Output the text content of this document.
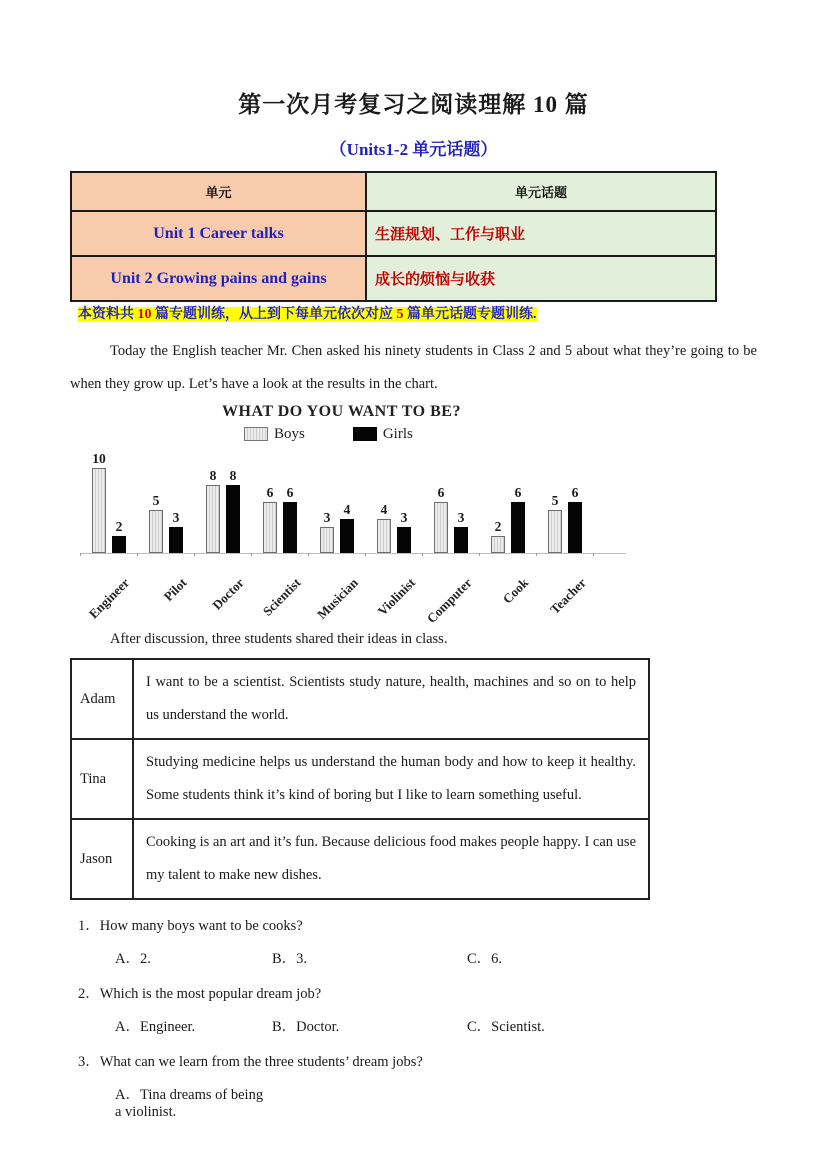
第一次月考复习之阅读理解 10 篇
（Units1-2 单元话题）
单元	单元话题
Unit 1 Career talks	生涯规划、工作与职业
Unit 2 Growing pains and gains	成长的烦恼与收获
本资料共 10 篇专题训练，从上到下每单元依次对应 5 篇单元话题专题训练.

Today the English teacher Mr. Chen asked his ninety students in Class 2 and 5 about what they’re going to be when they grow up. Let’s have a look at the results in the chart.

WHAT DO YOU WANT TO BE?
Boys	Girls
10
2
5
3
8 8
6 6
3
4	4
3
6
3
2
6
5
6
Engineer Pilot Doctor Scientist Musician Violinist Computer Cook Teacher
After discussion, three students shared their ideas in class.
Adam	I want to be a scientist. Scientists study nature, health, machines and so on to help us understand the world.
Tina	Studying medicine helps us understand the human body and how to keep it healthy. Some students think it’s kind of boring but I like to learn something useful.
Jason	Cooking is an art and it’s fun. Because delicious food makes people happy. I can use my talent to make new dishes.
1．How many boys want to be cooks?
A．2.	B．3.	C．6.
2．Which is the most popular dream job?
A．Engineer.	B．Doctor.	C．Scientist.
3．What can we learn from the three students’ dream jobs?
A．Tina dreams of being a violinist.
